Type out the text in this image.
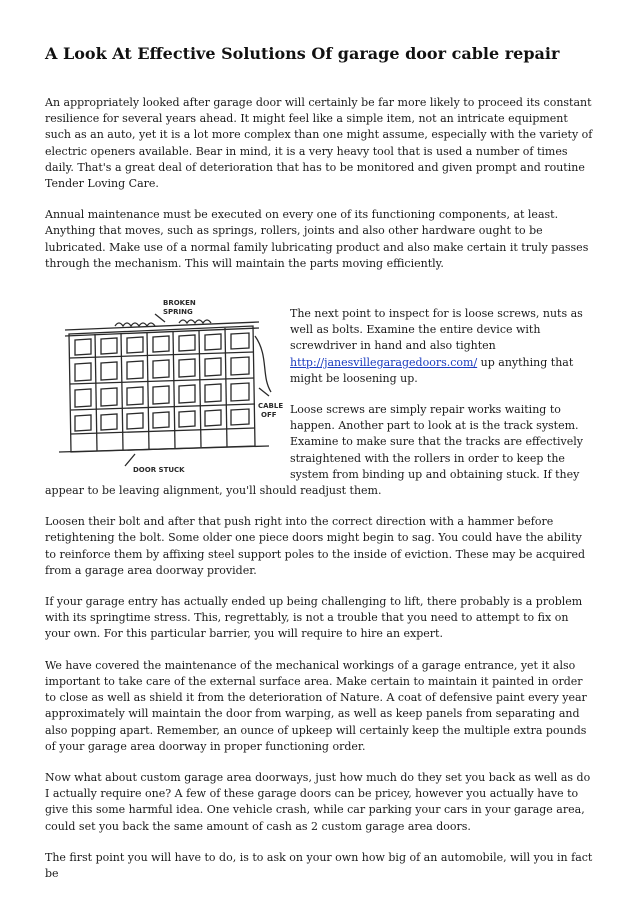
A Look At Effective Solutions Of garage door cable repair

An appropriately looked after garage door will certainly be far more likely to proceed its constant resilience for several years ahead. It might feel like a simple item, not an intricate equipment such as an auto, yet it is a lot more complex than one might assume, especially with the variety of electric openers available. Bear in mind, it is a very heavy tool that is used a number of times daily. That's a great deal of deterioration that has to be monitored and given prompt and routine Tender Loving Care.

Annual maintenance must be executed on every one of its functioning components, at least. Anything that moves, such as springs, rollers, joints and also other hardware ought to be lubricated. Make use of a normal family lubricating product and also make certain it truly passes through the mechanism. This will maintain the parts moving efficiently.

BROKEN
SPRING
CABLE
OFF
DOOR STUCK

The next point to inspect for is loose screws, nuts as well as bolts. Examine the entire device with screwdriver in hand and also tighten http://janesvillegaragedoors.com/ up anything that might be loosening up.

Loose screws are simply repair works waiting to happen. Another part to look at is the track system. Examine to make sure that the tracks are effectively straightened with the rollers in order to keep the system from binding up and obtaining stuck. If they appear to be leaving alignment, you'll should readjust them.

Loosen their bolt and after that push right into the correct direction with a hammer before retightening the bolt. Some older one piece doors might begin to sag. You could have the ability to reinforce them by affixing steel support poles to the inside of eviction. These may be acquired from a garage area doorway provider.

If your garage entry has actually ended up being challenging to lift, there probably is a problem with its springtime stress. This, regrettably, is not a trouble that you need to attempt to fix on your own. For this particular barrier, you will require to hire an expert.

We have covered the maintenance of the mechanical workings of a garage entrance, yet it also important to take care of the external surface area. Make certain to maintain it painted in order to close as well as shield it from the deterioration of Nature. A coat of defensive paint every year approximately will maintain the door from warping, as well as keep panels from separating and also popping apart. Remember, an ounce of upkeep will certainly keep the multiple extra pounds of your garage area doorway in proper functioning order.

Now what about custom garage area doorways, just how much do they set you back as well as do I actually require one? A few of these garage doors can be pricey, however you actually have to give this some harmful idea. One vehicle crash, while car parking your cars in your garage area, could set you back the same amount of cash as 2 custom garage area doors.

The first point you will have to do, is to ask on your own how big of an automobile, will you in fact be
